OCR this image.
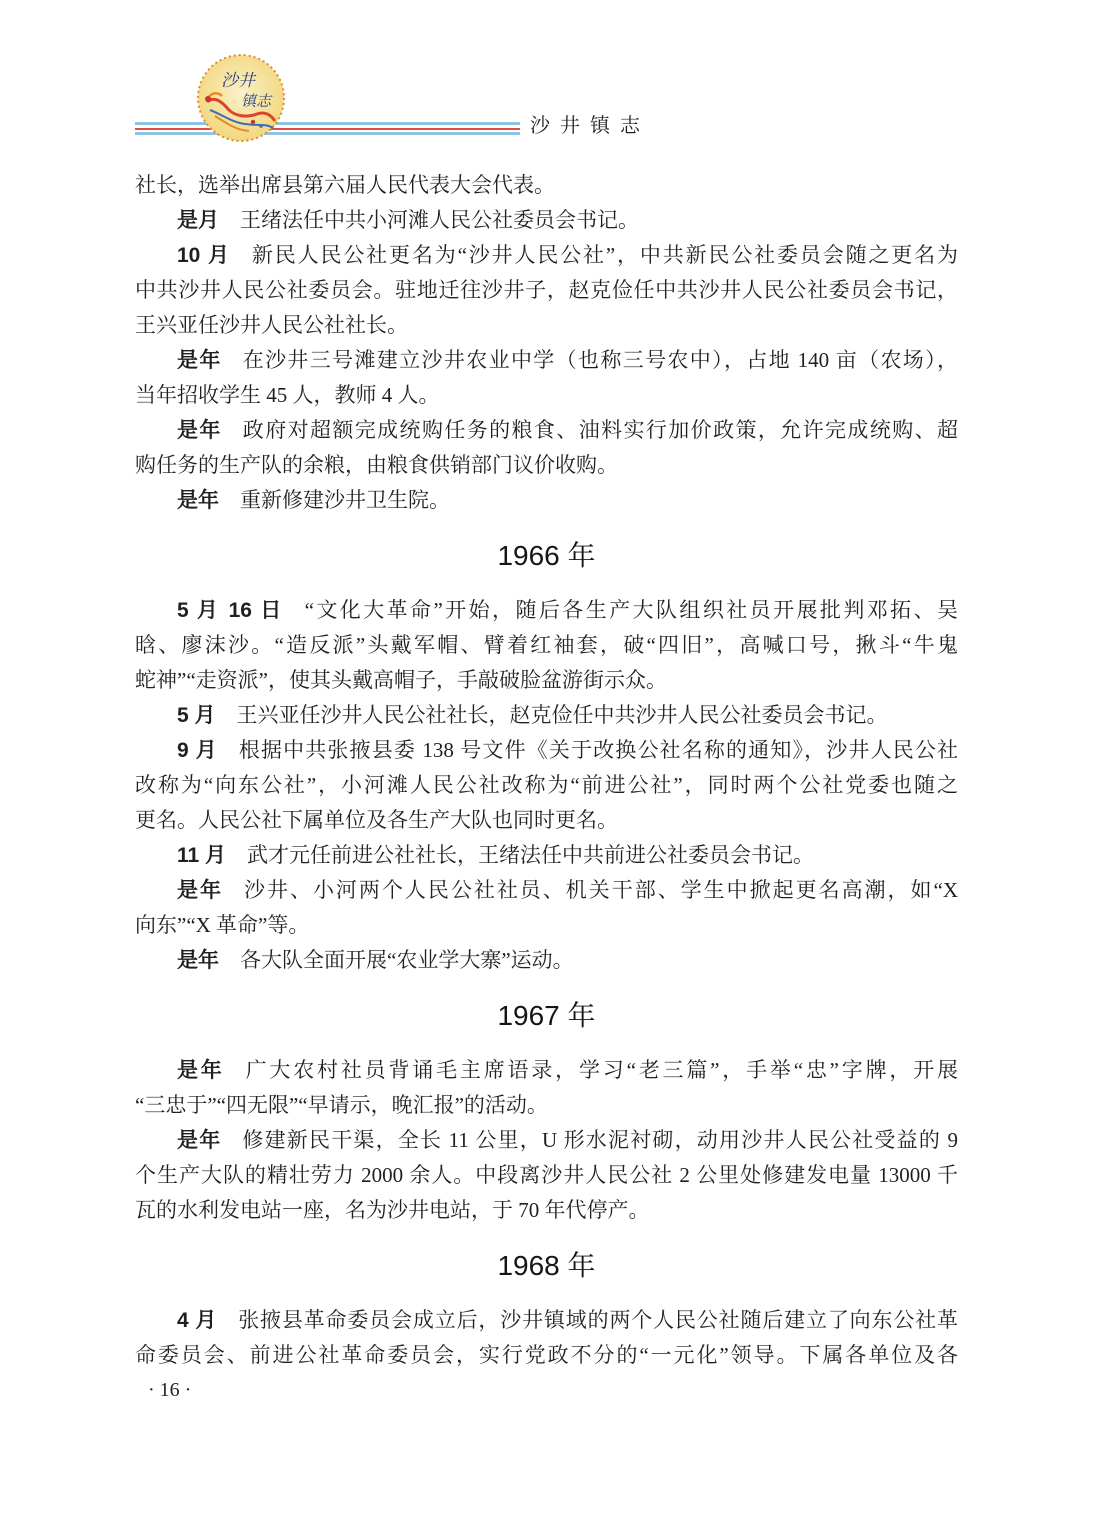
沙井
镇志
沙井镇志
社长，选举出席县第六届人民代表大会代表。
是月 王绪法任中共小河滩人民公社委员会书记。
10 月 新民人民公社更名为“沙井人民公社”，中共新民公社委员会随之更名为
中共沙井人民公社委员会。驻地迁往沙井子，赵克俭任中共沙井人民公社委员会书记，
王兴亚任沙井人民公社社长。
是年 在沙井三号滩建立沙井农业中学（也称三号农中），占地 140 亩（农场），
当年招收学生 45 人，教师 4 人。
是年 政府对超额完成统购任务的粮食、油料实行加价政策，允许完成统购、超
购任务的生产队的余粮，由粮食供销部门议价收购。
是年 重新修建沙井卫生院。
1966 年
5 月 16 日 “文化大革命”开始，随后各生产大队组织社员开展批判邓拓、吴
晗、廖沫沙。“造反派”头戴军帽、臂着红袖套，破“四旧”，高喊口号，揪斗“牛鬼
蛇神”“走资派”，使其头戴高帽子，手敲破脸盆游街示众。
5 月 王兴亚任沙井人民公社社长，赵克俭任中共沙井人民公社委员会书记。
9 月 根据中共张掖县委 138 号文件《关于改换公社名称的通知》，沙井人民公社
改称为“向东公社”，小河滩人民公社改称为“前进公社”，同时两个公社党委也随之
更名。人民公社下属单位及各生产大队也同时更名。
11 月 武才元任前进公社社长，王绪法任中共前进公社委员会书记。
是年 沙井、小河两个人民公社社员、机关干部、学生中掀起更名高潮，如“X
向东”“X 革命”等。
是年 各大队全面开展“农业学大寨”运动。
1967 年
是年 广大农村社员背诵毛主席语录，学习“老三篇”，手举“忠”字牌，开展
“三忠于”“四无限”“早请示，晚汇报”的活动。
是年 修建新民干渠，全长 11 公里，U 形水泥衬砌，动用沙井人民公社受益的 9
个生产大队的精壮劳力 2000 余人。中段离沙井人民公社 2 公里处修建发电量 13000 千
瓦的水利发电站一座，名为沙井电站，于 70 年代停产。
1968 年
4 月 张掖县革命委员会成立后，沙井镇域的两个人民公社随后建立了向东公社革
命委员会、前进公社革命委员会，实行党政不分的“一元化”领导。下属各单位及各
· 16 ·
